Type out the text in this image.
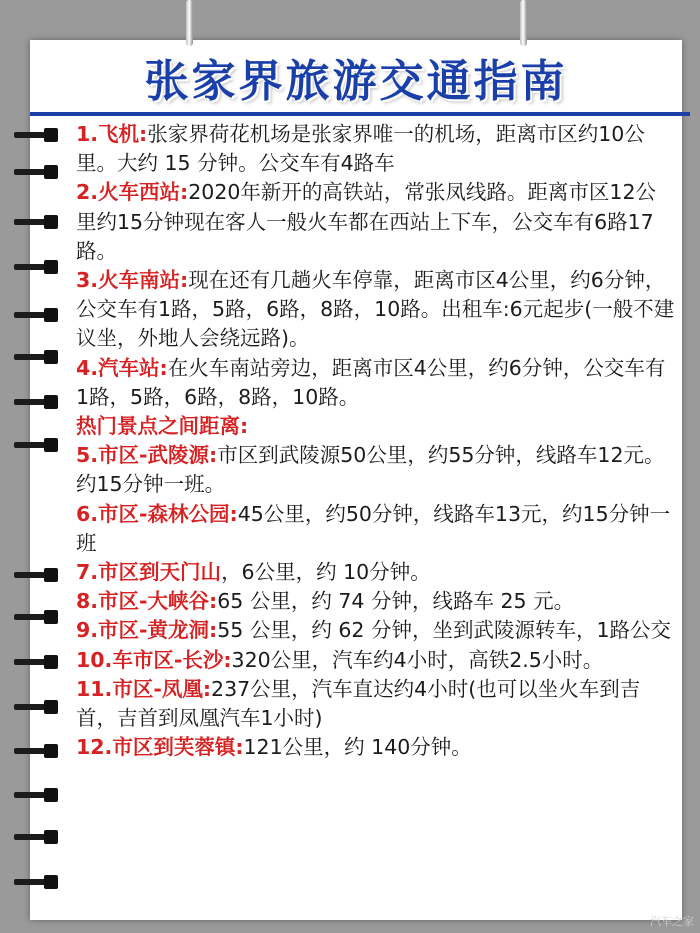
张家界旅游交通指南

1.飞机:张家界荷花机场是张家界唯一的机场，距离市区约10公里。大约 15 分钟。公交车有4路车

2.火车西站:2020年新开的高铁站，常张凤线路。距离市区12公里约15分钟现在客人一般火车都在西站上下车，公交车有6路17路。

3.火车南站:现在还有几趟火车停靠，距离市区4公里，约6分钟，公交车有1路，5路，6路，8路，10路。出租车:6元起步(一般不建议坐，外地人会绕远路)。

4.汽车站:在火车南站旁边，距离市区4公里，约6分钟，公交车有1路，5路，6路，8路，10路。

热门景点之间距离:

5.市区-武陵源:市区到武陵源50公里，约55分钟，线路车12元。约15分钟一班。

6.市区-森林公园:45公里，约50分钟，线路车13元，约15分钟一班

7.市区到天门山，6公里，约 10分钟。

8.市区-大峡谷:65 公里，约 74 分钟，线路车 25 元。

9.市区-黄龙洞:55 公里，约 62 分钟，坐到武陵源转车，1路公交

10.车市区-长沙:320公里，汽车约4小时，高铁2.5小时。

11.市区-凤凰:237公里，汽车直达约4小时(也可以坐火车到吉首，吉首到凤凰汽车1小时)

12.市区到芙蓉镇:121公里，约 140分钟。

汽车之家
